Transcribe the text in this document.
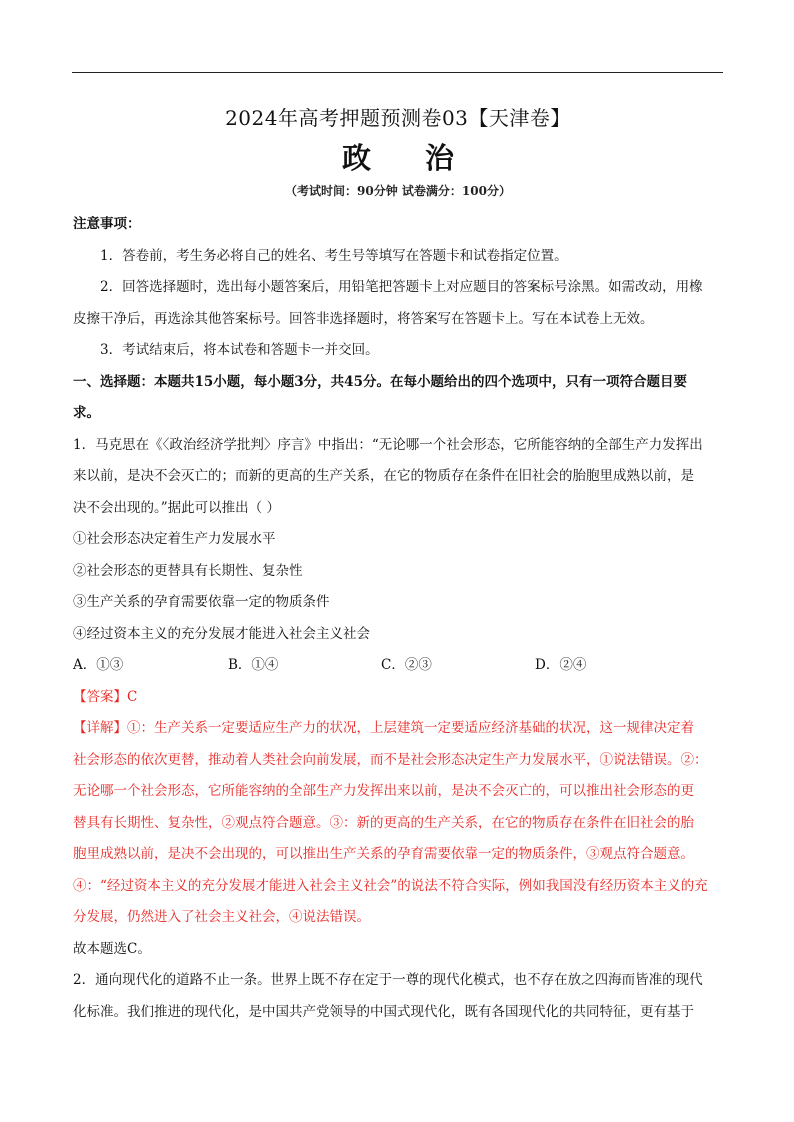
2024年高考押题预测卷03【天津卷】
政 治
（考试时间：90分钟 试卷满分：100分）

注意事项：

1．答卷前，考生务必将自己的姓名、考生号等填写在答题卡和试卷指定位置。

2．回答选择题时，选出每小题答案后，用铅笔把答题卡上对应题目的答案标号涂黑。如需改动，用橡

皮擦干净后，再选涂其他答案标号。回答非选择题时，将答案写在答题卡上。写在本试卷上无效。

3．考试结束后，将本试卷和答题卡一并交回。

一、选择题：本题共15小题，每小题3分，共45分。在每小题给出的四个选项中，只有一项符合题目要

求。

1．马克思在《〈政治经济学批判〉序言》中指出：“无论哪一个社会形态，它所能容纳的全部生产力发挥出

来以前，是决不会灭亡的；而新的更高的生产关系，在它的物质存在条件在旧社会的胎胞里成熟以前，是

决不会出现的。”据此可以推出（ ）

①社会形态决定着生产力发展水平

②社会形态的更替具有长期性、复杂性

③生产关系的孕育需要依靠一定的物质条件

④经过资本主义的充分发展才能进入社会主义社会

A．①③	B．①④	C．②③	D．②④

【答案】C

【详解】①：生产关系一定要适应生产力的状况，上层建筑一定要适应经济基础的状况，这一规律决定着

社会形态的依次更替，推动着人类社会向前发展，而不是社会形态决定生产力发展水平，①说法错误。②：

无论哪一个社会形态，它所能容纳的全部生产力发挥出来以前，是决不会灭亡的，可以推出社会形态的更

替具有长期性、复杂性，②观点符合题意。③：新的更高的生产关系，在它的物质存在条件在旧社会的胎

胞里成熟以前，是决不会出现的，可以推出生产关系的孕育需要依靠一定的物质条件，③观点符合题意。

④：“经过资本主义的充分发展才能进入社会主义社会”的说法不符合实际，例如我国没有经历资本主义的充

分发展，仍然进入了社会主义社会，④说法错误。

故本题选C。

2．通向现代化的道路不止一条。世界上既不存在定于一尊的现代化模式，也不存在放之四海而皆准的现代

化标准。我们推进的现代化，是中国共产党领导的中国式现代化，既有各国现代化的共同特征，更有基于
